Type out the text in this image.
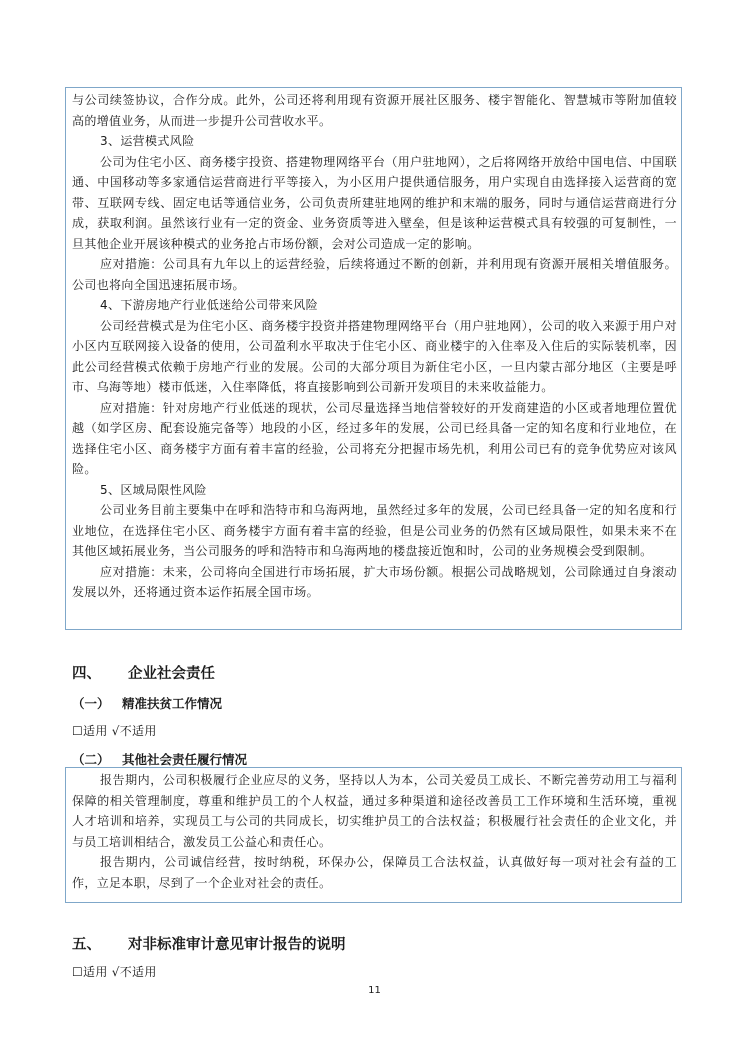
与公司续签协议，合作分成。此外，公司还将利用现有资源开展社区服务、楼宇智能化、智慧城市等附加值较高的增值业务，从而进一步提升公司营收水平。

3、运营模式风险

公司为住宅小区、商务楼宇投资、搭建物理网络平台（用户驻地网），之后将网络开放给中国电信、中国联通、中国移动等多家通信运营商进行平等接入，为小区用户提供通信服务，用户实现自由选择接入运营商的宽带、互联网专线、固定电话等通信业务，公司负责所建驻地网的维护和末端的服务，同时与通信运营商进行分成，获取利润。虽然该行业有一定的资金、业务资质等进入壁垒，但是该种运营模式具有较强的可复制性，一旦其他企业开展该种模式的业务抢占市场份额，会对公司造成一定的影响。

应对措施：公司具有九年以上的运营经验，后续将通过不断的创新，并利用现有资源开展相关增值服务。公司也将向全国迅速拓展市场。

4、下游房地产行业低迷给公司带来风险

公司经营模式是为住宅小区、商务楼宇投资并搭建物理网络平台（用户驻地网），公司的收入来源于用户对小区内互联网接入设备的使用，公司盈利水平取决于住宅小区、商业楼宇的入住率及入住后的实际装机率，因此公司经营模式依赖于房地产行业的发展。公司的大部分项目为新住宅小区，一旦内蒙古部分地区（主要是呼市、乌海等地）楼市低迷，入住率降低，将直接影响到公司新开发项目的未来收益能力。

应对措施：针对房地产行业低迷的现状，公司尽量选择当地信誉较好的开发商建造的小区或者地理位置优越（如学区房、配套设施完备等）地段的小区，经过多年的发展，公司已经具备一定的知名度和行业地位，在选择住宅小区、商务楼宇方面有着丰富的经验，公司将充分把握市场先机，利用公司已有的竞争优势应对该风险。

5、区域局限性风险

公司业务目前主要集中在呼和浩特市和乌海两地，虽然经过多年的发展，公司已经具备一定的知名度和行业地位，在选择住宅小区、商务楼宇方面有着丰富的经验，但是公司业务的仍然有区域局限性，如果未来不在其他区域拓展业务，当公司服务的呼和浩特市和乌海两地的楼盘接近饱和时，公司的业务规模会受到限制。

应对措施：未来，公司将向全国进行市场拓展，扩大市场份额。根据公司战略规划，公司除通过自身滚动发展以外，还将通过资本运作拓展全国市场。

四、 企业社会责任
（一） 精准扶贫工作情况
☐适用 √不适用
（二） 其他社会责任履行情况

报告期内，公司积极履行企业应尽的义务，坚持以人为本，公司关爱员工成长、不断完善劳动用工与福利保障的相关管理制度，尊重和维护员工的个人权益，通过多种渠道和途径改善员工工作环境和生活环境，重视人才培训和培养，实现员工与公司的共同成长，切实维护员工的合法权益；积极履行社会责任的企业文化，并与员工培训相结合，激发员工公益心和责任心。

报告期内，公司诚信经营，按时纳税，环保办公，保障员工合法权益，认真做好每一项对社会有益的工作，立足本职，尽到了一个企业对社会的责任。

五、 对非标准审计意见审计报告的说明
☐适用 √不适用
11
